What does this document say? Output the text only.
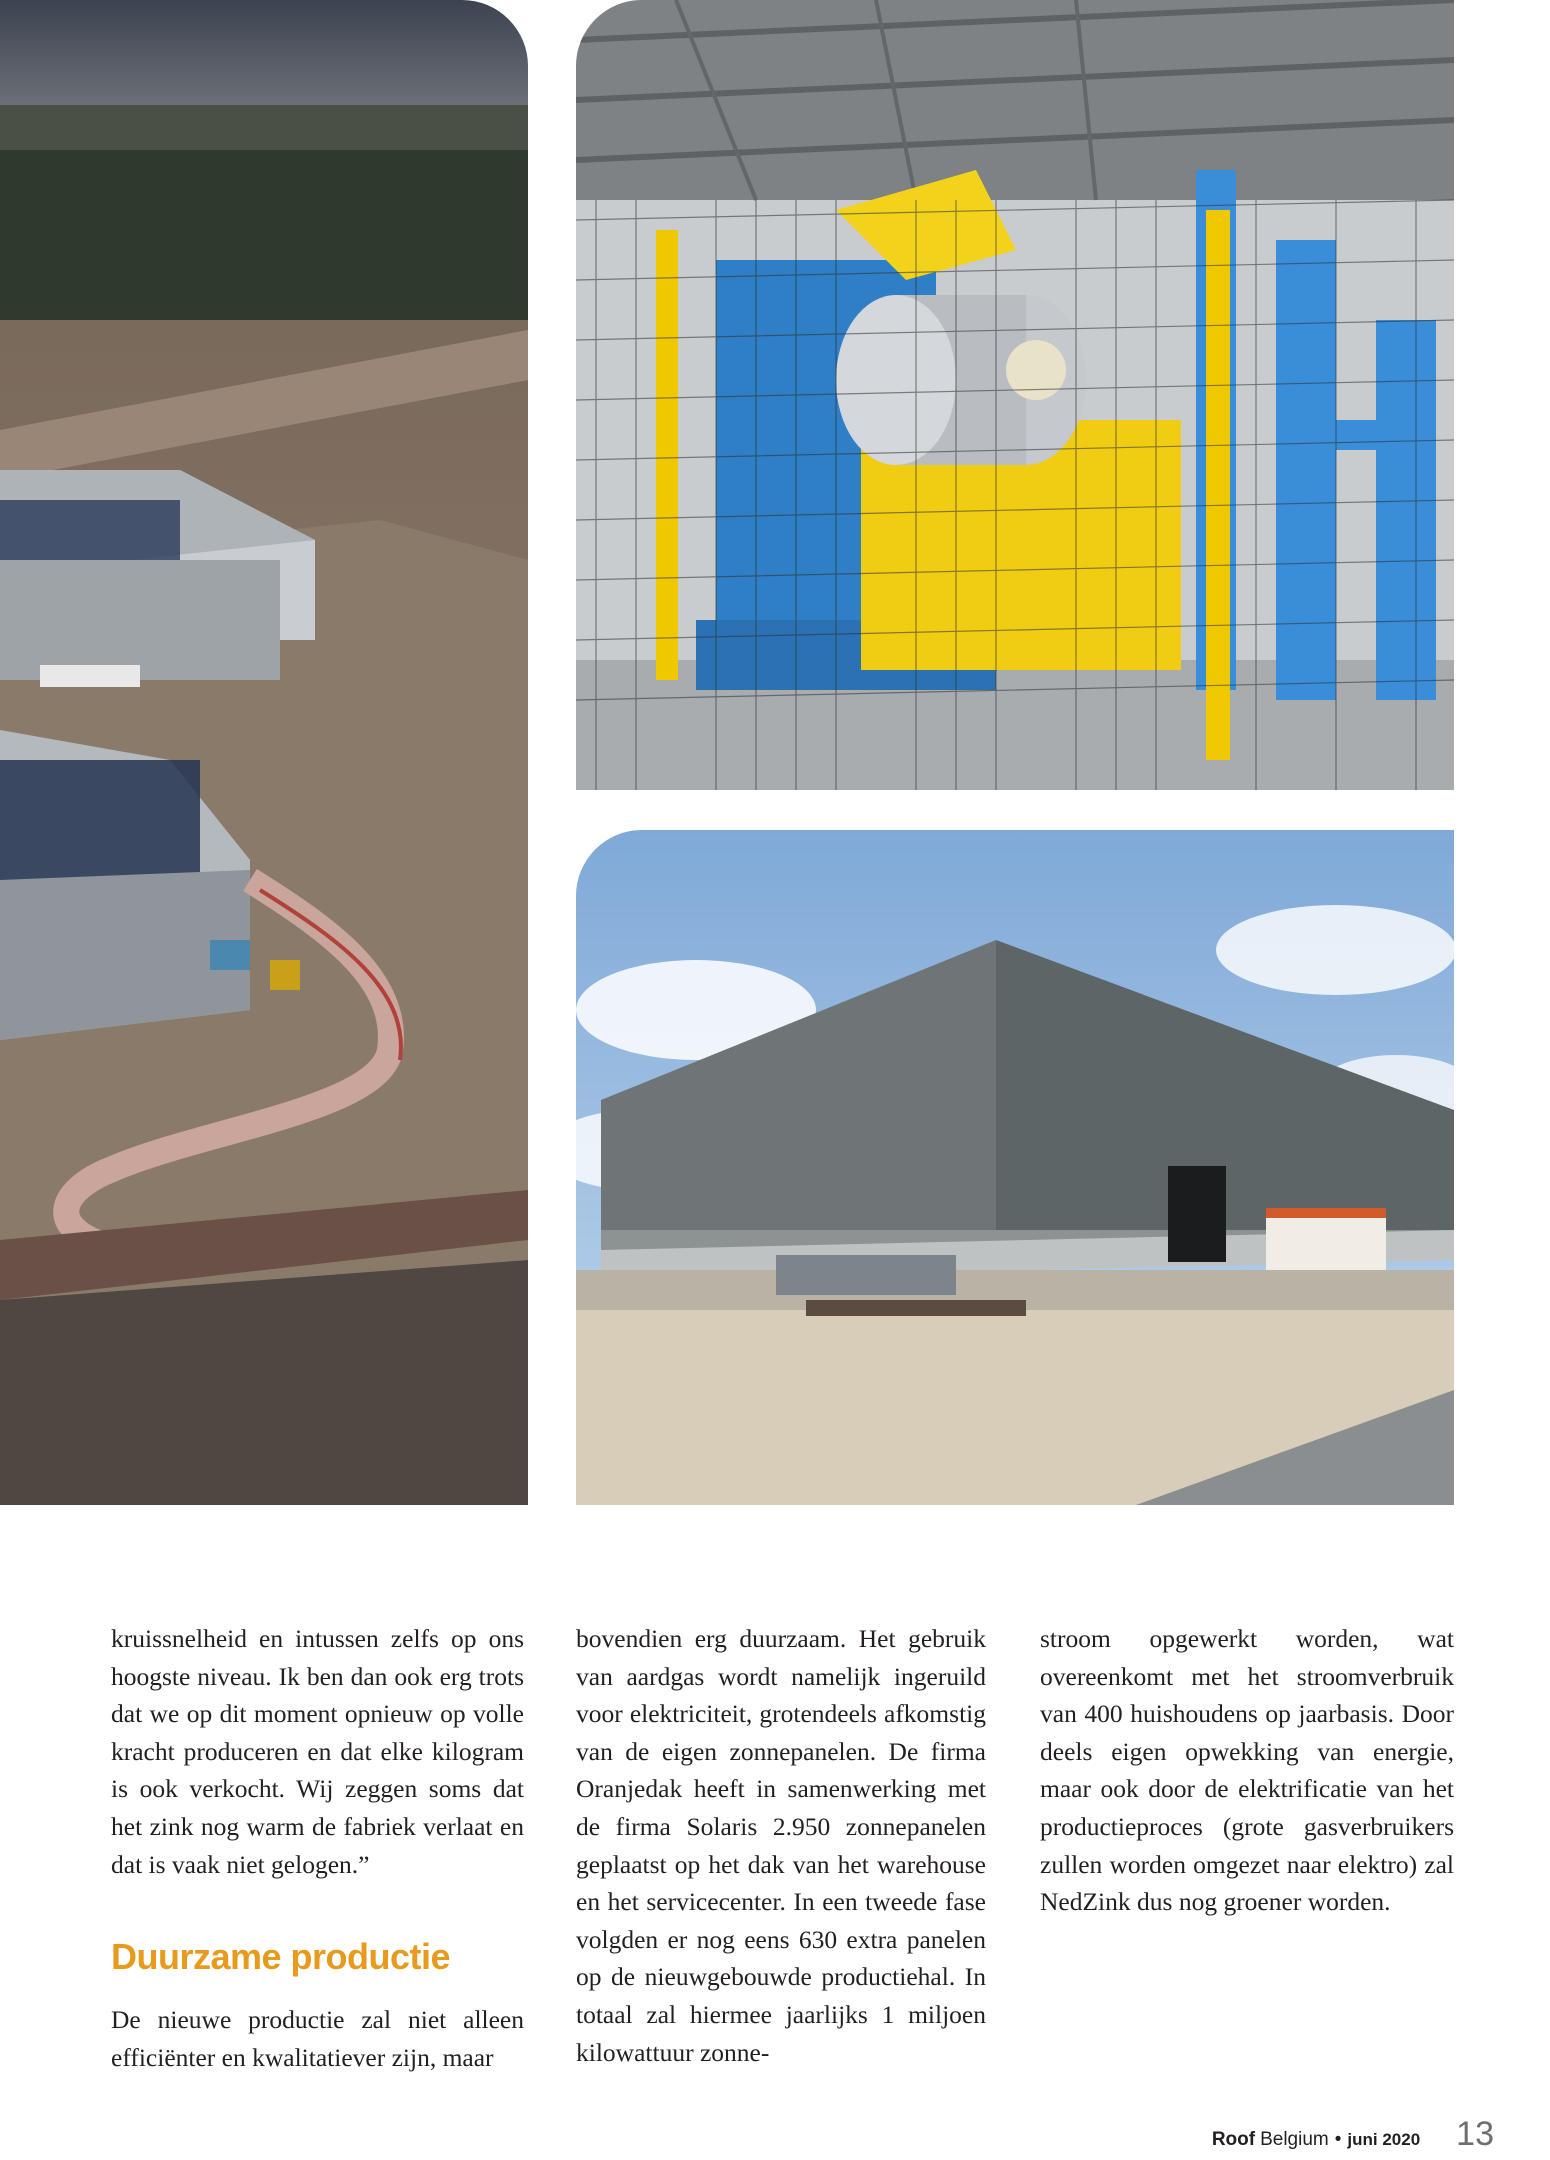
kruissnelheid en intussen zelfs op ons hoogste niveau. Ik ben dan ook erg trots dat we op dit moment opnieuw op volle kracht produceren en dat elke kilogram is ook verkocht. Wij zeggen soms dat het zink nog warm de fabriek verlaat en dat is vaak niet gelogen.”

Duurzame productie

De nieuwe productie zal niet alleen efficiënter en kwalitatiever zijn, maar

bovendien erg duurzaam. Het gebruik van aardgas wordt namelijk ingeruild voor elektriciteit, grotendeels afkomstig van de eigen zonnepanelen. De firma Oranjedak heeft in samenwerking met de firma Solaris 2.950 zonnepanelen geplaatst op het dak van het warehouse en het servicecenter. In een tweede fase volgden er nog eens 630 extra panelen op de nieuwgebouwde productiehal. In totaal zal hiermee jaarlijks 1 miljoen kilowattuur zonne-

stroom opgewerkt worden, wat overeenkomt met het stroomverbruik van 400 huishoudens op jaarbasis. Door deels eigen opwekking van energie, maar ook door de elektrificatie van het productieproces (grote gasverbruikers zullen worden omgezet naar elektro) zal NedZink dus nog groener worden.

Roof Belgium • juni 2020 13
